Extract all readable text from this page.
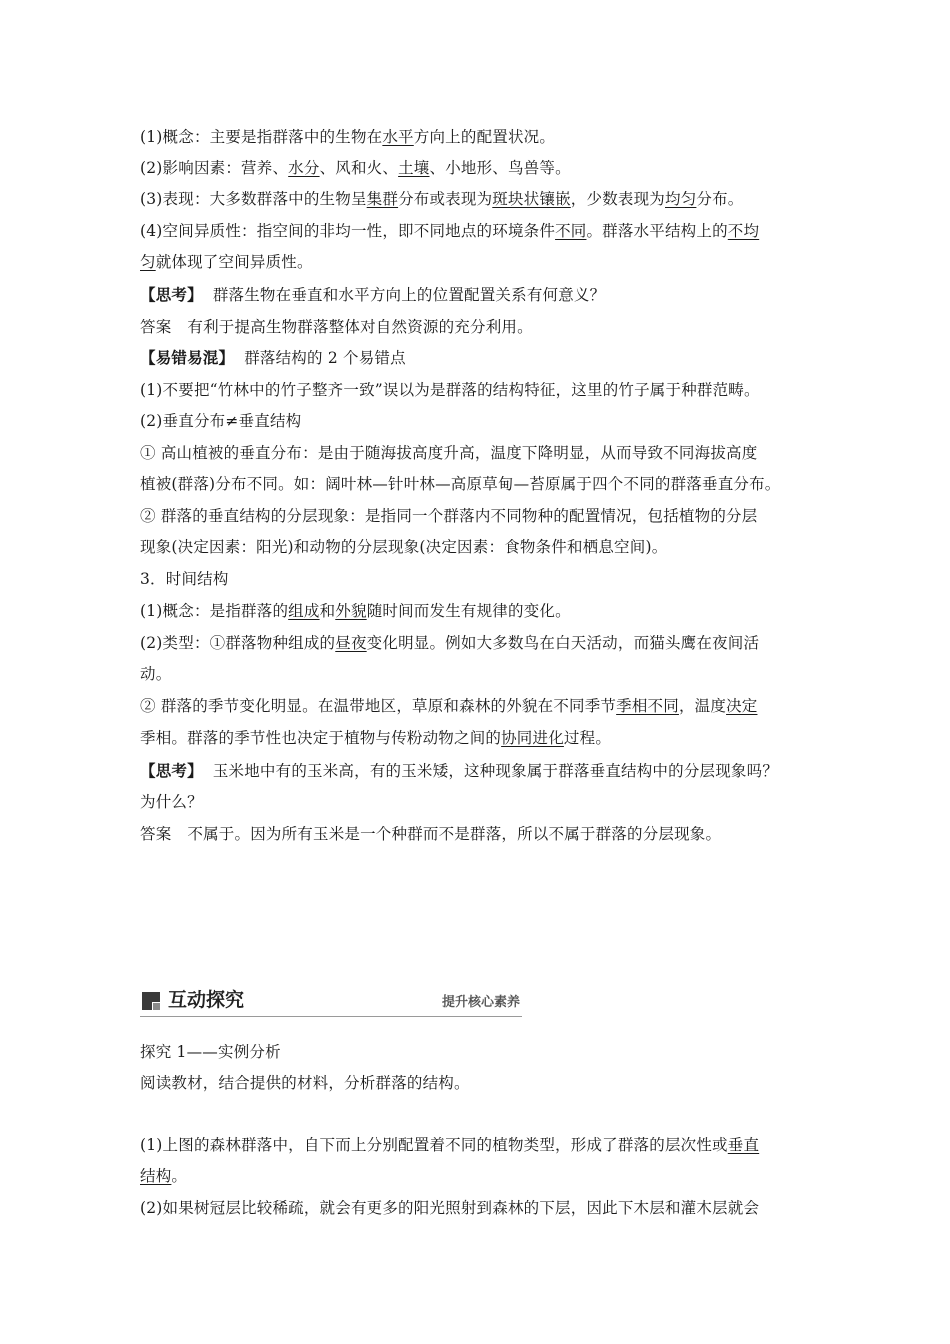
(1)概念：主要是指群落中的生物在水平方向上的配置状况。
(2)影响因素：营养、水分、风和火、土壤、小地形、鸟兽等。
(3)表现：大多数群落中的生物呈集群分布或表现为斑块状镶嵌，少数表现为均匀分布。
(4)空间异质性：指空间的非均一性，即不同地点的环境条件不同。群落水平结构上的不均
匀就体现了空间异质性。
【思考】 群落生物在垂直和水平方向上的位置配置关系有何意义？
答案 有利于提高生物群落整体对自然资源的充分利用。
【易错易混】 群落结构的 2 个易错点
(1)不要把“竹林中的竹子整齐一致”误以为是群落的结构特征，这里的竹子属于种群范畴。
(2)垂直分布≠垂直结构
① 高山植被的垂直分布：是由于随海拔高度升高，温度下降明显，从而导致不同海拔高度
植被(群落)分布不同。如：阔叶林—针叶林—高原草甸—苔原属于四个不同的群落垂直分布。
② 群落的垂直结构的分层现象：是指同一个群落内不同物种的配置情况，包括植物的分层
现象(决定因素：阳光)和动物的分层现象(决定因素：食物条件和栖息空间)。
3．时间结构
(1)概念：是指群落的组成和外貌随时间而发生有规律的变化。
(2)类型：①群落物种组成的昼夜变化明显。例如大多数鸟在白天活动，而猫头鹰在夜间活
动。
② 群落的季节变化明显。在温带地区，草原和森林的外貌在不同季节季相不同，温度决定
季相。群落的季节性也决定于植物与传粉动物之间的协同进化过程。
【思考】 玉米地中有的玉米高，有的玉米矮，这种现象属于群落垂直结构中的分层现象吗？
为什么？
答案 不属于。因为所有玉米是一个种群而不是群落，所以不属于群落的分层现象。
互动探究	提升核心素养
探究 1——实例分析
阅读教材，结合提供的材料，分析群落的结构。
(1)上图的森林群落中，自下而上分别配置着不同的植物类型，形成了群落的层次性或垂直
结构。
(2)如果树冠层比较稀疏，就会有更多的阳光照射到森林的下层，因此下木层和灌木层就会
